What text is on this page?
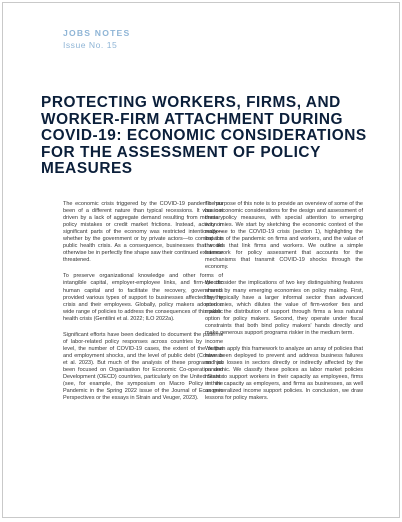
JOBS NOTES
Issue No. 15
PROTECTING WORKERS, FIRMS, AND WORKER-FIRM ATTACHMENT DURING COVID-19: ECONOMIC CONSIDERATIONS FOR THE ASSESSMENT OF POLICY MEASURES

The economic crisis triggered by the COVID-19 pandemic has been of a different nature than typical recessions. It was not driven by a lack of aggregate demand resulting from monetary policy mistakes or credit market frictions. Instead, activity in significant parts of the economy was restricted intentionally—whether by the government or by private actors—to combat the public health crisis. As a consequence, businesses that would otherwise be in perfectly fine shape saw their continued existence threatened.

To preserve organizational knowledge and other forms of intangible capital, employer-employee links, and firm-specific human capital and to facilitate the recovery, governments provided various types of support to businesses affected by the crisis and their employees. Globally, policy makers adopted a wide range of policies to address the consequences of this public health crisis (Gentilini et al. 2022; ILO 2022a).

Significant efforts have been dedicated to document the patterns of labor-related policy responses across countries by income level, the number of COVID-19 cases, the extent of the output and employment shocks, and the level of public debt (Contreras et al. 2023). But much of the analysis of these programs has been focused on Organisation for Economic Co-operation and Development (OECD) countries, particularly on the United States (see, for example, the symposium on Macro Policy in the Pandemic in the Spring 2022 issue of the Journal of Economic Perspectives or the essays in Strain and Veuger, 2023).

The purpose of this note is to provide an overview of some of the basic economic considerations for the design and assessment of these policy measures, with special attention to emerging economies. We start by sketching the economic context of the response to the COVID-19 crisis (section 1), highlighting the impacts of the pandemic on firms and workers, and the value of the ties that link firms and workers. We outline a simple framework for policy assessment that accounts for the mechanisms that transmit COVID-19 shocks through the economy.

We consider the implications of two key distinguishing features shared by many emerging economies on policy making. First, they typically have a larger informal sector than advanced economies, which dilutes the value of firm-worker ties and makes the distribution of support through firms a less natural option for policy makers. Second, they operate under fiscal constraints that both bind policy makers' hands directly and make generous support programs riskier in the medium term.

We then apply this framework to analyze an array of policies that have been deployed to prevent and address business failures and job losses in sectors directly or indirectly affected by the pandemic. We classify these polices as labor market policies meant to support workers in their capacity as employees, firms in their capacity as employers, and firms as businesses, as well as generalized income support policies. In conclusion, we draw lessons for policy makers.
